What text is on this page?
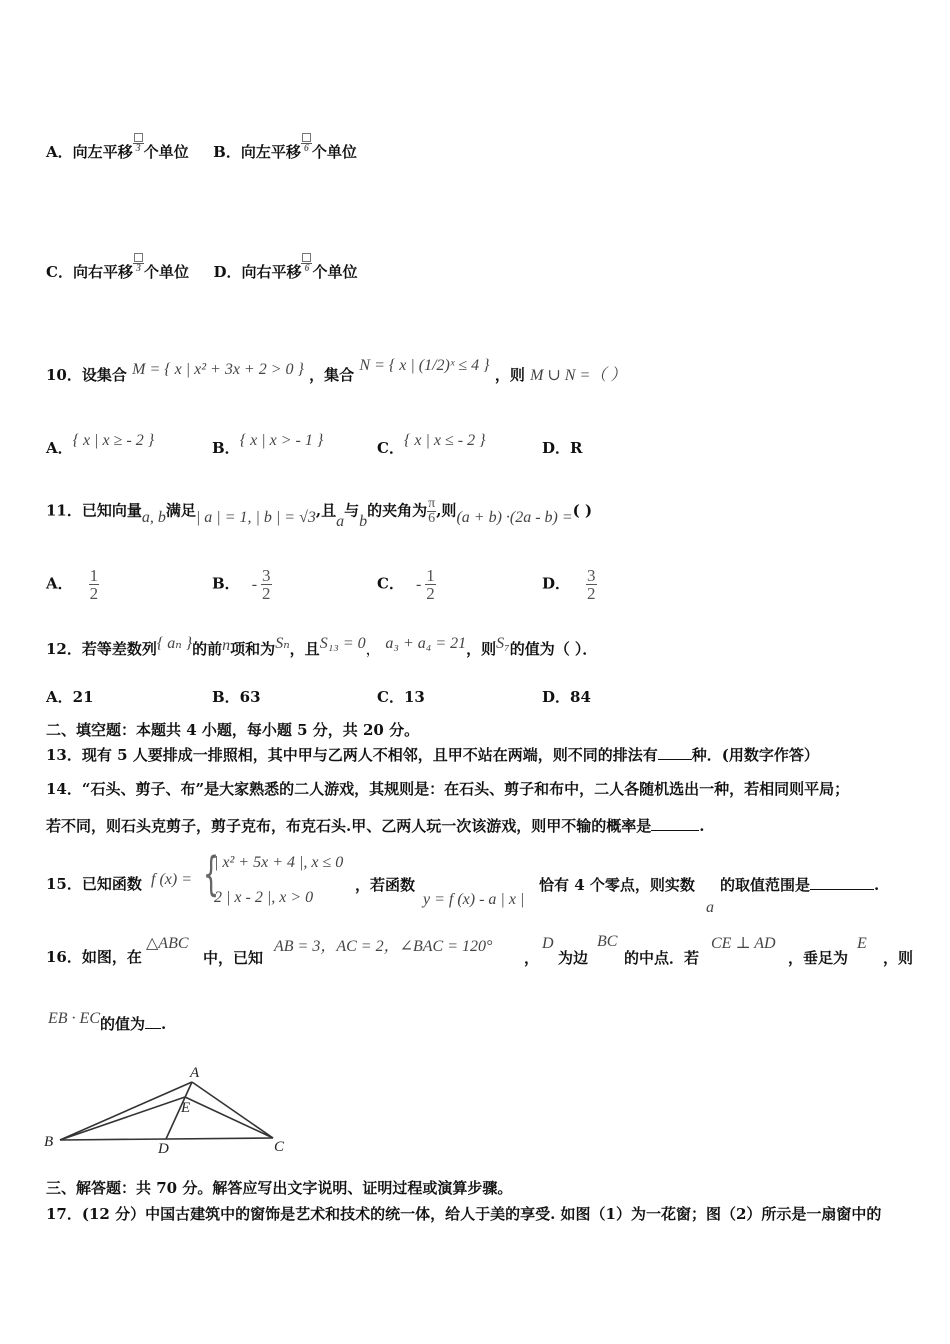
A．向左平移 3 个单位 B．向左平移 6 个单位
C．向右平移 3 个单位 D．向右平移 6 个单位
10．设集合 M = { x | x² + 3x + 2 > 0 } ，集合 N = { x | (1/2)ˣ ≤ 4 } ，则 M ∪ N =（ ）
A．{ x | x ≥ - 2 }	B．{ x | x > - 1 }	C．{ x | x ≤ - 2 }	D．R
11．已知向量a, b满足| a | = 1, | b | = √3,且a与b的夹角为 $\frac{\pi}{6}$ ,则(a + b) ·(2a - b) =( )
A． $\frac{1}{2}$	B． - $\frac{3}{2}$	C． - $\frac{1}{2}$	D． $\frac{3}{2}$
12．若等差数列{ aₙ }的前n项和为Sₙ，且S₁₃ = 0， a₃ + a₄ = 21，则S₇的值为（ ）．
A．21	B．63	C．13	D．84
二、填空题：本题共 4 小题，每小题 5 分，共 20 分。
13．现有 5 人要排成一排照相，其中甲与乙两人不相邻，且甲不站在两端，则不同的排法有 种．(用数字作答）
14．“石头、剪子、布”是大家熟悉的二人游戏，其规则是：在石头、剪子和布中，二人各随机选出一种，若相同则平局；
若不同，则石头克剪子，剪子克布，布克石头.甲、乙两人玩一次该游戏，则甲不输的概率是	.
15．已知函数 f (x) = {
| x² + 5x + 4 |, x ≤ 0
2 | x - 2 |, x > 0
，若函数
y = f (x) - a | x |
恰有 4 个零点，则实数
a
的取值范围是	.
16．如图，在
△ABC
中，已知
AB = 3，AC = 2，∠BAC = 120°
，
D
为边
BC
的中点．若
CE ⊥ AD
，垂足为
E
，则
EB · EC的值为 .
A
B	C
D
E
三、解答题：共 70 分。解答应写出文字说明、证明过程或演算步骤。
17．(12 分）中国古建筑中的窗饰是艺术和技术的统一体，给人于美的享受. 如图（1）为一花窗；图（2）所示是一扇窗中的
